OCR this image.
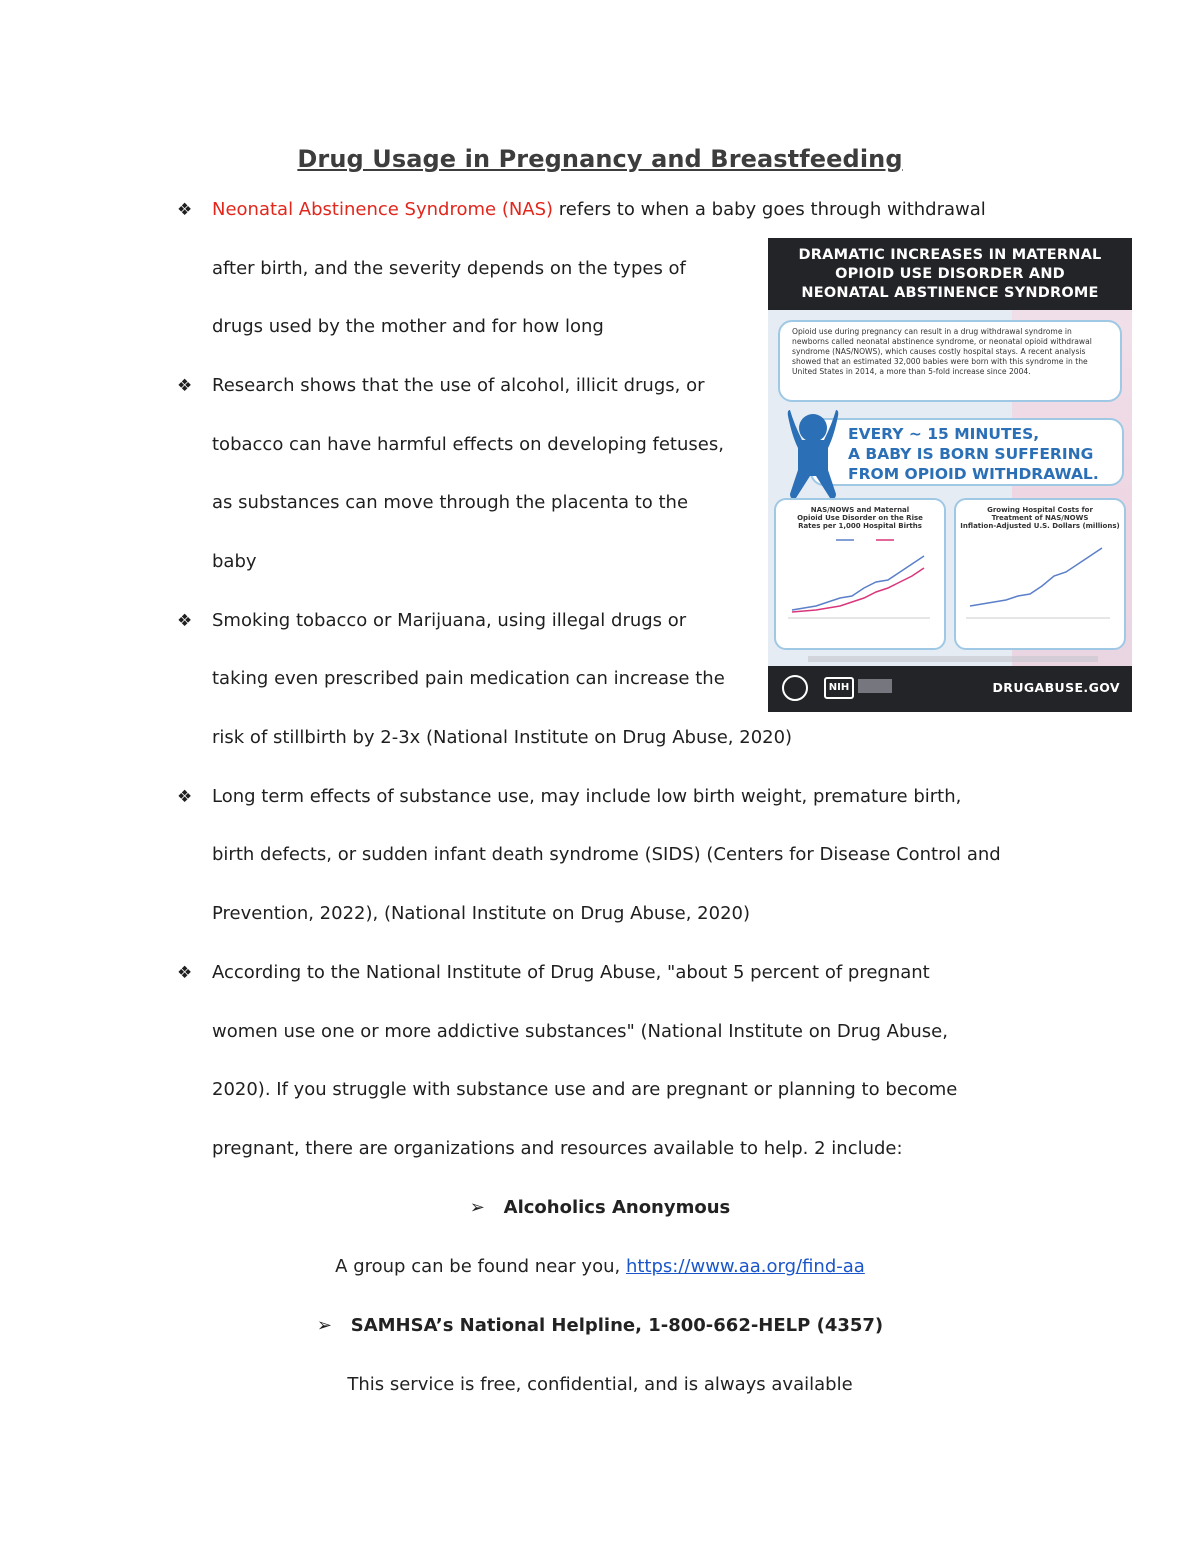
Drug Usage in Pregnancy and Breastfeeding
❖ Neonatal Abstinence Syndrome (NAS) refers to when a baby goes through withdrawal
after birth, and the severity depends on the types of
drugs used by the mother and for how long
❖ Research shows that the use of alcohol, illicit drugs, or
tobacco can have harmful effects on developing fetuses,
as substances can move through the placenta to the
baby
❖ Smoking tobacco or Marijuana, using illegal drugs or
taking even prescribed pain medication can increase the
risk of stillbirth by 2-3x (National Institute on Drug Abuse, 2020)
❖ Long term effects of substance use, may include low birth weight, premature birth,
birth defects, or sudden infant death syndrome (SIDS) (Centers for Disease Control and
Prevention, 2022), (National Institute on Drug Abuse, 2020)
❖ According to the National Institute of Drug Abuse, "about 5 percent of pregnant
women use one or more addictive substances" (National Institute on Drug Abuse,
2020). If you struggle with substance use and are pregnant or planning to become
pregnant, there are organizations and resources available to help. 2 include:
➢ Alcoholics Anonymous
A group can be found near you, https://www.aa.org/find-aa
➢ SAMHSA’s National Helpline, 1-800-662-HELP (4357)
This service is free, confidential, and is always available
DRAMATIC INCREASES IN MATERNAL
OPIOID USE DISORDER AND
NEONATAL ABSTINENCE SYNDROME
Opioid use during pregnancy can result in a drug withdrawal syndrome in newborns called neonatal abstinence syndrome, or neonatal opioid withdrawal syndrome (NAS/NOWS), which causes costly hospital stays. A recent analysis showed that an estimated 32,000 babies were born with this syndrome in the United States in 2014, a more than 5-fold increase since 2004.
EVERY ~ 15 MINUTES,
A BABY IS BORN SUFFERING
FROM OPIOID WITHDRAWAL.
NAS/NOWS and Maternal
Opioid Use Disorder on the Rise
Rates per 1,000 Hospital Births
Growing Hospital Costs for
Treatment of NAS/NOWS
Inflation-Adjusted U.S. Dollars (millions)
NIH	DRUGABUSE.GOV
